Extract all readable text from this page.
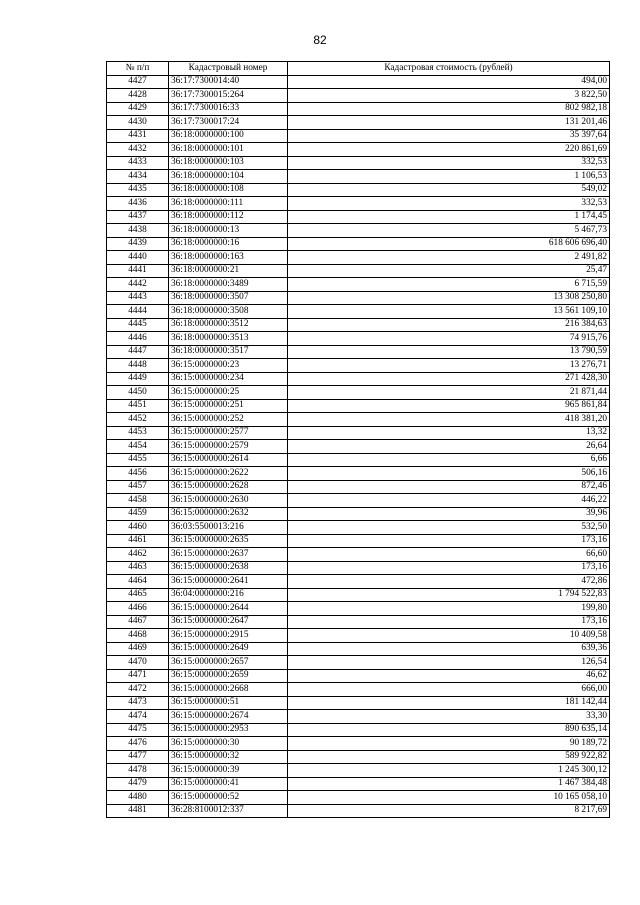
82
№ п/п	Кадастровый номер	Кадастровая стоимость (рублей)
4427	36:17:7300014:40	494,00
4428	36:17:7300015:264	3 822,50
4429	36:17:7300016:33	802 982,18
4430	36:17:7300017:24	131 201,46
4431	36:18:0000000:100	35 397,64
4432	36:18:0000000:101	220 861,69
4433	36:18:0000000:103	332,53
4434	36:18:0000000:104	1 106,53
4435	36:18:0000000:108	549,02
4436	36:18:0000000:111	332,53
4437	36:18:0000000:112	1 174,45
4438	36:18:0000000:13	5 467,73
4439	36:18:0000000:16	618 606 696,40
4440	36:18:0000000:163	2 491,82
4441	36:18:0000000:21	25,47
4442	36:18:0000000:3489	6 715,59
4443	36:18:0000000:3507	13 308 250,80
4444	36:18:0000000:3508	13 561 109,10
4445	36:18:0000000:3512	216 384,63
4446	36:18:0000000:3513	74 915,76
4447	36:18:0000000:3517	13 790,59
4448	36:15:0000000:23	13 276,71
4449	36:15:0000000:234	271 428,30
4450	36:15:0000000:25	21 871,44
4451	36:15:0000000:251	965 861,84
4452	36:15:0000000:252	418 381,20
4453	36:15:0000000:2577	13,32
4454	36:15:0000000:2579	26,64
4455	36:15:0000000:2614	6,66
4456	36:15:0000000:2622	506,16
4457	36:15:0000000:2628	872,46
4458	36:15:0000000:2630	446,22
4459	36:15:0000000:2632	39,96
4460	36:03:5500013:216	532,50
4461	36:15:0000000:2635	173,16
4462	36:15:0000000:2637	66,60
4463	36:15:0000000:2638	173,16
4464	36:15:0000000:2641	472,86
4465	36:04:0000000:216	1 794 522,83
4466	36:15:0000000:2644	199,80
4467	36:15:0000000:2647	173,16
4468	36:15:0000000:2915	10 409,58
4469	36:15:0000000:2649	639,36
4470	36:15:0000000:2657	126,54
4471	36:15:0000000:2659	46,62
4472	36:15:0000000:2668	666,00
4473	36:15:0000000:51	181 142,44
4474	36:15:0000000:2674	33,30
4475	36:15:0000000:2953	890 635,14
4476	36:15:0000000:30	90 189,72
4477	36:15:0000000:32	589 922,82
4478	36:15:0000000:39	1 245 300,12
4479	36:15:0000000:41	1 467 384,48
4480	36:15:0000000:52	10 165 058,10
4481	36:28:8100012:337	8 217,69
